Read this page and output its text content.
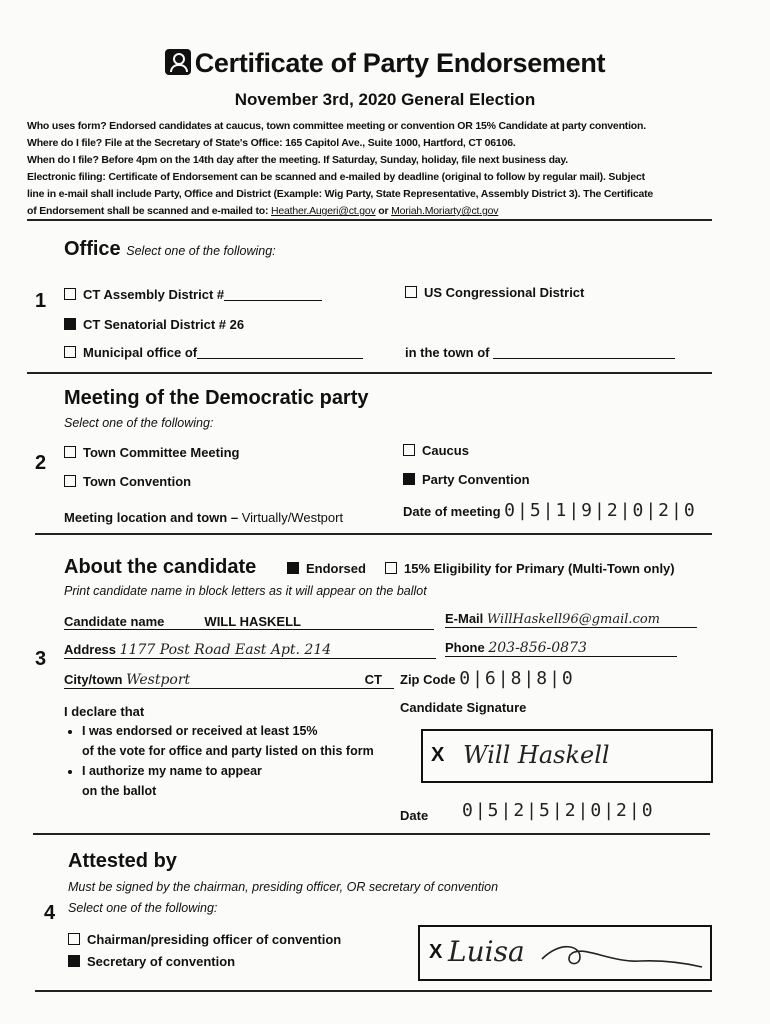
Certificate of Party Endorsement
November 3rd, 2020 General Election

Who uses form? Endorsed candidates at caucus, town committee meeting or convention OR 15% Candidate at party convention.

Where do I file? File at the Secretary of State's Office: 165 Capitol Ave., Suite 1000, Hartford, CT 06106.

When do I file? Before 4pm on the 14th day after the meeting. If Saturday, Sunday, holiday, file next business day.

Electronic filing: Certificate of Endorsement can be scanned and e-mailed by deadline (original to follow by regular mail). Subject

line in e-mail shall include Party, Office and District (Example: Wig Party, State Representative, Assembly District 3). The Certificate

of Endorsement shall be scanned and e-mailed to: Heather.Augeri@ct.gov or Moriah.Moriarty@ct.gov

Office Select one of the following:
1	CT Assembly District #
CT Senatorial District # 26
Municipal office of
US Congressional District
in the town of
Meeting of the Democratic party
Select one of the following:
2	Town Committee Meeting
Town Convention
Caucus
Party Convention
Meeting location and town – Virtually/Westport	Date of meeting 0|5|1|9|2|0|2|0
About the candidate	Endorsed	15% Eligibility for Primary (Multi-Town only)
Print candidate name in block letters as it will appear on the ballot
3
Candidate name	WILL HASKELL	E-Mail WillHaskell96@gmail.com
Address 1177 Post Road East Apt. 214	Phone 203-856-0873
City/town Westport	CT Zip Code 0|6|8|8|0
I declare that
• I was endorsed or received at least 15%
of the vote for office and party listed on this form
• I authorize my name to appear
on the ballot
Candidate Signature
X Will Haskell
Date 0|5|2|5|2|0|2|0
Attested by
Must be signed by the chairman, presiding officer, OR secretary of convention
4 Select one of the following:
Chairman/presiding officer of convention
Secretary of convention	X Luisa
